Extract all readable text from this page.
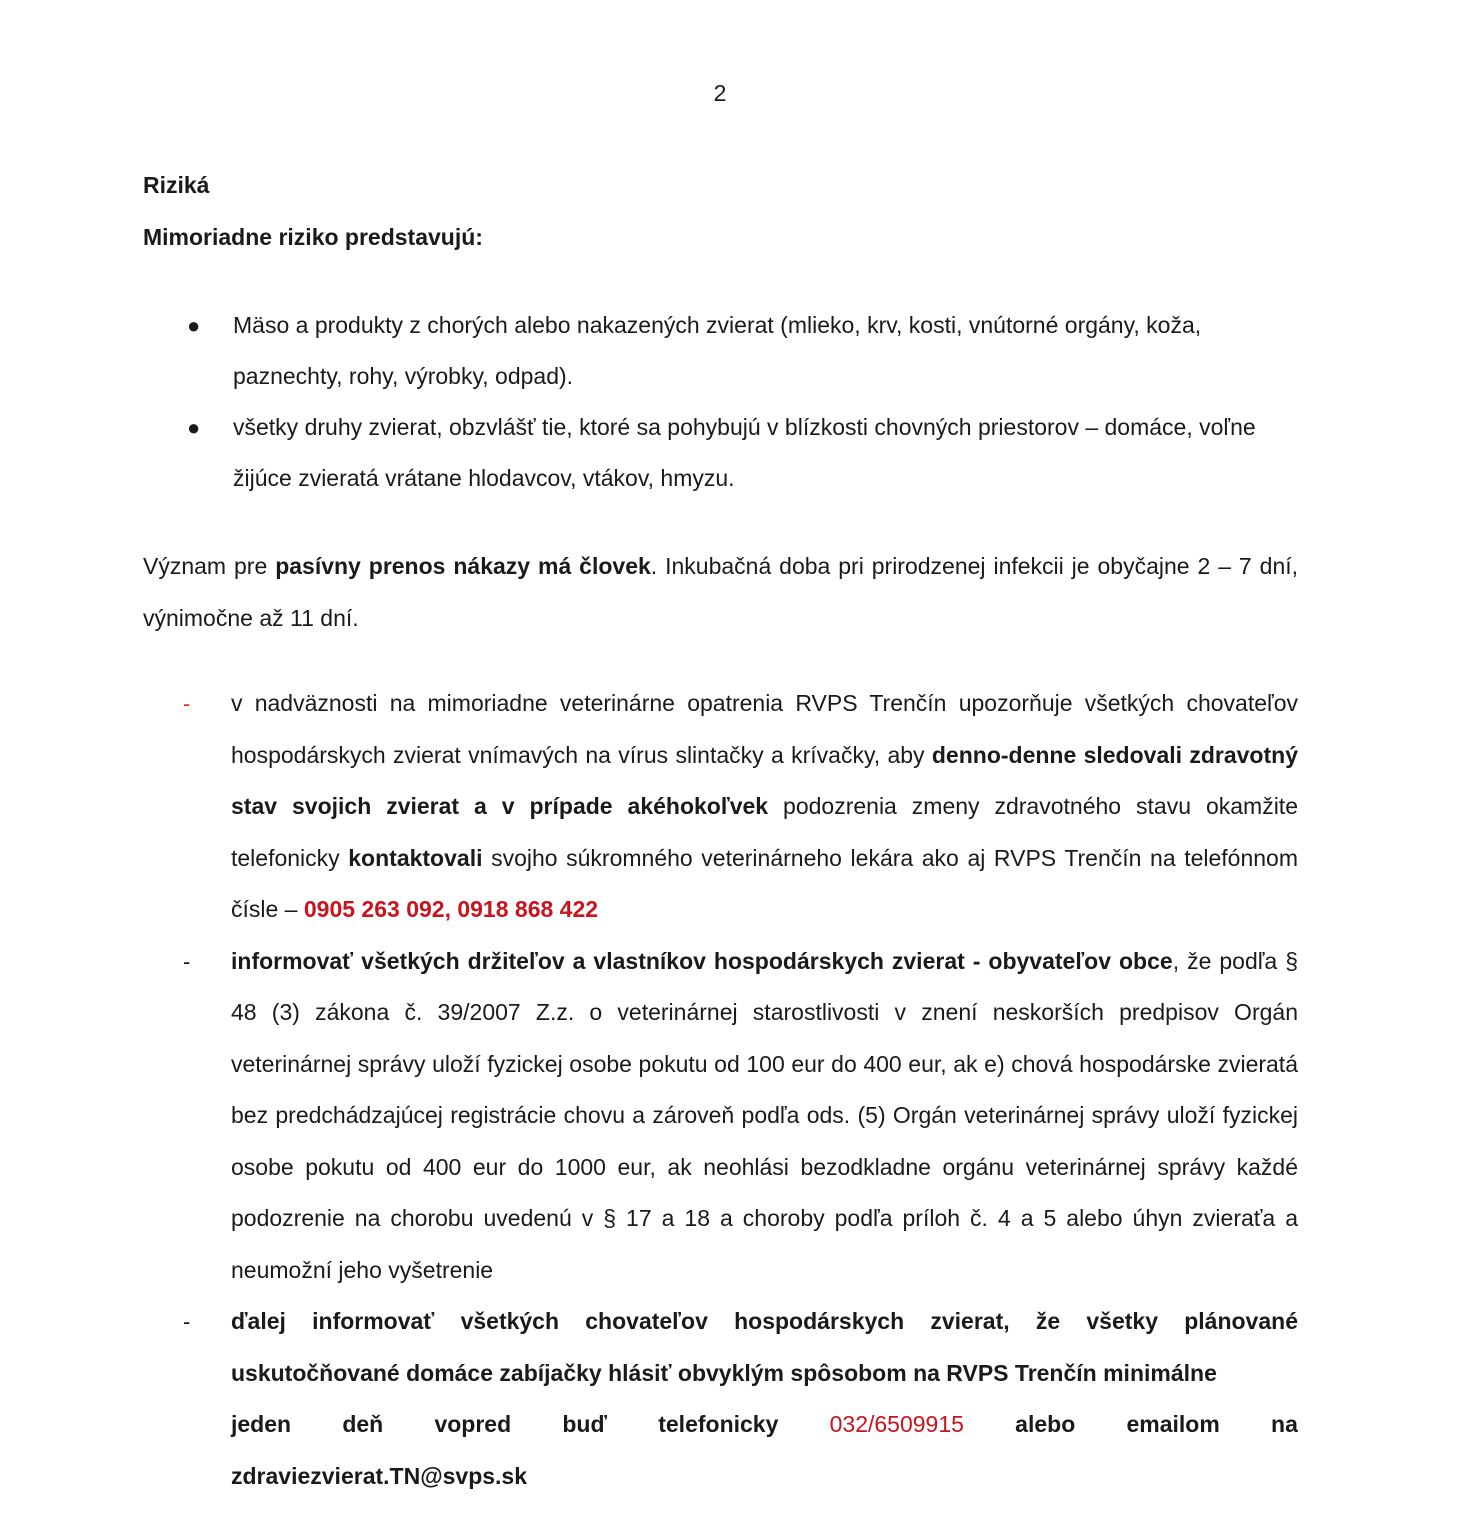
2
Riziká
Mimoriadne riziko predstavujú:
● Mäso a produkty z chorých alebo nakazených zvierat (mlieko, krv, kosti, vnútorné orgány, koža, paznechty, rohy, výrobky, odpad).
● všetky druhy zvierat, obzvlášť tie, ktoré sa pohybujú v blízkosti chovných priestorov – domáce, voľne žijúce zvieratá vrátane hlodavcov, vtákov, hmyzu.

Význam pre pasívny prenos nákazy má človek. Inkubačná doba pri prirodzenej infekcii je obyčajne 2 – 7 dní, výnimočne až 11 dní.

- v nadväznosti na mimoriadne veterinárne opatrenia RVPS Trenčín upozorňuje všetkých chovateľov hospodárskych zvierat vnímavých na vírus slintačky a krívačky, aby denno-denne sledovali zdravotný stav svojich zvierat a v prípade akéhokoľvek podozrenia zmeny zdravotného stavu okamžite telefonicky kontaktovali svojho súkromného veterinárneho lekára ako aj RVPS Trenčín na telefónnom čísle – 0905 263 092, 0918 868 422
- informovať všetkých držiteľov a vlastníkov hospodárskych zvierat - obyvateľov obce, že podľa § 48 (3) zákona č. 39/2007 Z.z. o veterinárnej starostlivosti v znení neskorších predpisov Orgán veterinárnej správy uloží fyzickej osobe pokutu od 100 eur do 400 eur, ak e) chová hospodárske zvieratá bez predchádzajúcej registrácie chovu a zároveň podľa ods. (5) Orgán veterinárnej správy uloží fyzickej osobe pokutu od 400 eur do 1000 eur, ak neohlási bezodkladne orgánu veterinárnej správy každé podozrenie na chorobu uvedenú v § 17 a 18 a choroby podľa príloh č. 4 a 5 alebo úhyn zvieraťa a neumožní jeho vyšetrenie
- ďalej informovať všetkých chovateľov hospodárskych zvierat, že všetky plánované uskutočňované domáce zabíjačky hlásiť obvyklým spôsobom na RVPS Trenčín minimálne
jeden deň vopred buď telefonicky 032/6509915 alebo emailom na
zdraviezvierat.TN@svps.sk
